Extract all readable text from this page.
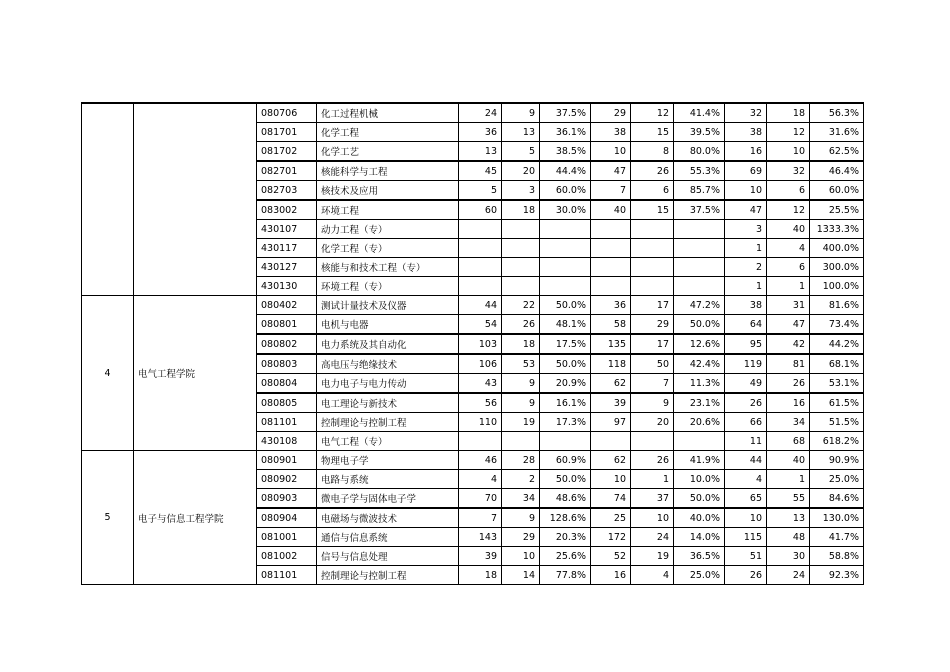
		080706	化工过程机械	24	9	37.5%	29	12	41.4%	32	18	56.3%
		081701	化学工程	36	13	36.1%	38	15	39.5%	38	12	31.6%
		081702	化学工艺	13	5	38.5%	10	8	80.0%	16	10	62.5%
		082701	核能科学与工程	45	20	44.4%	47	26	55.3%	69	32	46.4%
		082703	核技术及应用	5	3	60.0%	7	6	85.7%	10	6	60.0%
		083002	环境工程	60	18	30.0%	40	15	37.5%	47	12	25.5%
		430107	动力工程（专）							3	40	1333.3%
		430117	化学工程（专）							1	4	400.0%
		430127	核能与和技术工程（专）							2	6	300.0%
		430130	环境工程（专）							1	1	100.0%
4	电气工程学院	080402	测试计量技术及仪器	44	22	50.0%	36	17	47.2%	38	31	81.6%
		080801	电机与电器	54	26	48.1%	58	29	50.0%	64	47	73.4%
		080802	电力系统及其自动化	103	18	17.5%	135	17	12.6%	95	42	44.2%
		080803	高电压与绝缘技术	106	53	50.0%	118	50	42.4%	119	81	68.1%
		080804	电力电子与电力传动	43	9	20.9%	62	7	11.3%	49	26	53.1%
		080805	电工理论与新技术	56	9	16.1%	39	9	23.1%	26	16	61.5%
		081101	控制理论与控制工程	110	19	17.3%	97	20	20.6%	66	34	51.5%
		430108	电气工程（专）							11	68	618.2%
5	电子与信息工程学院	080901	物理电子学	46	28	60.9%	62	26	41.9%	44	40	90.9%
		080902	电路与系统	4	2	50.0%	10	1	10.0%	4	1	25.0%
		080903	微电子学与固体电子学	70	34	48.6%	74	37	50.0%	65	55	84.6%
		080904	电磁场与微波技术	7	9	128.6%	25	10	40.0%	10	13	130.0%
		081001	通信与信息系统	143	29	20.3%	172	24	14.0%	115	48	41.7%
		081002	信号与信息处理	39	10	25.6%	52	19	36.5%	51	30	58.8%
		081101	控制理论与控制工程	18	14	77.8%	16	4	25.0%	26	24	92.3%
